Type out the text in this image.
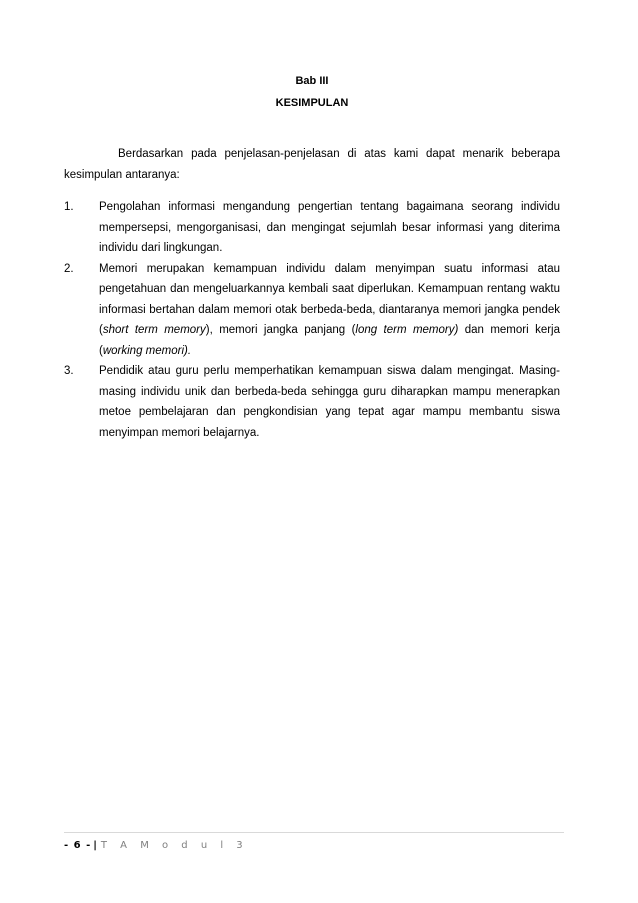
Bab III
KESIMPULAN

Berdasarkan pada penjelasan-penjelasan di atas kami dapat menarik beberapa kesimpulan antaranya:

1. Pengolahan informasi mengandung pengertian tentang bagaimana seorang individu mempersepsi, mengorganisasi, dan mengingat sejumlah besar informasi yang diterima individu dari lingkungan.
2. Memori merupakan kemampuan individu dalam menyimpan suatu informasi atau pengetahuan dan mengeluarkannya kembali saat diperlukan. Kemampuan rentang waktu informasi bertahan dalam memori otak berbeda-beda, diantaranya memori jangka pendek (short term memory), memori jangka panjang (long term memory) dan memori kerja (working memori).
3. Pendidik atau guru perlu memperhatikan kemampuan siswa dalam mengingat. Masing-masing individu unik dan berbeda-beda sehingga guru diharapkan mampu menerapkan metoe pembelajaran dan pengkondisian yang tepat agar mampu membantu siswa menyimpan memori belajarnya.
- 6 - | T A M o d u l 3
